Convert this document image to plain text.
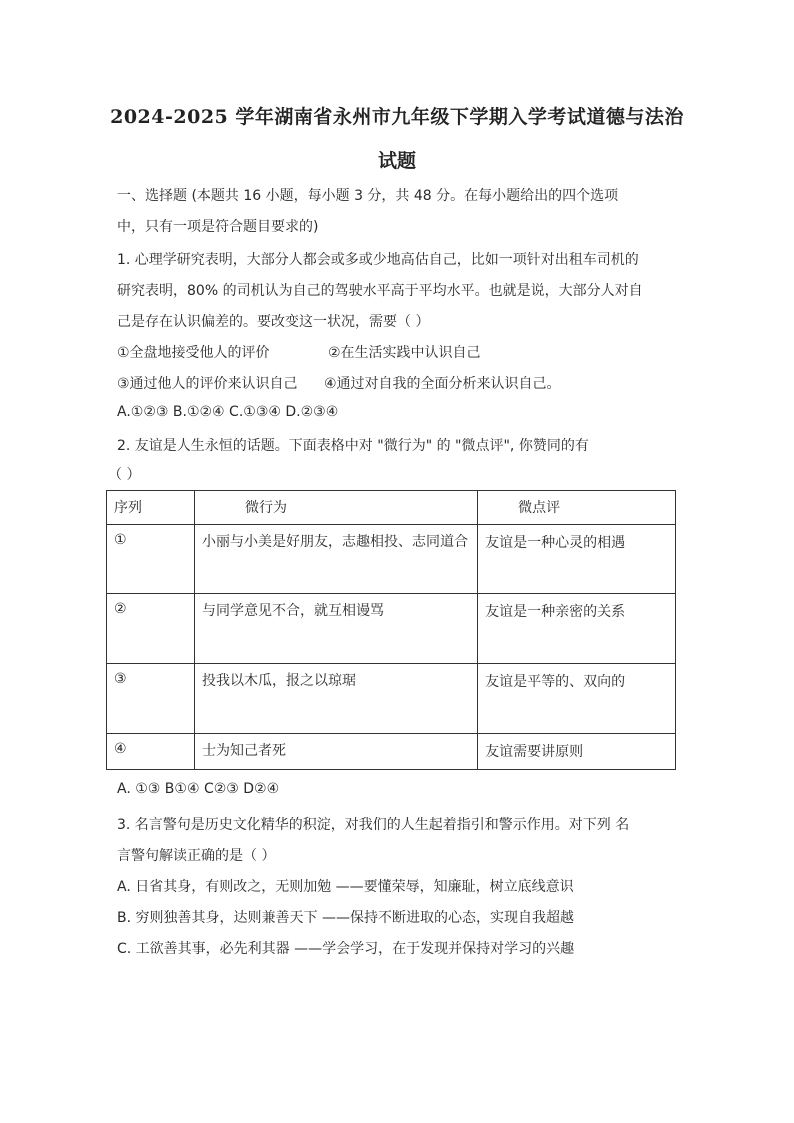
2024-2025 学年湖南省永州市九年级下学期入学考试道德与法治
试题
一、选择题 (本题共 16 小题，每小题 3 分，共 48 分。在每小题给出的四个选项
中，只有一项是符合题目要求的)
1. 心理学研究表明，大部分人都会或多或少地高估自己，比如一项针对出租车司机的
研究表明，80% 的司机认为自己的驾驶水平高于平均水平。也就是说，大部分人对自
己是存在认识偏差的。要改变这一状况，需要（ ）
①全盘地接受他人的评价	②在生活实践中认识自己
③通过他人的评价来认识自己 ④通过对自我的全面分析来认识自己。
A.①②③ B.①②④ C.①③④ D.②③④
2. 友谊是人生永恒的话题。下面表格中对 "微行为" 的 "微点评", 你赞同的有
（ ）
序列	微行为	微点评
①	小丽与小美是好朋友，志趣相投、志同道合	友谊是一种心灵的相遇
②	与同学意见不合，就互相谩骂	友谊是一种亲密的关系
③	投我以木瓜，报之以琼琚	友谊是平等的、双向的
④	士为知己者死	友谊需要讲原则
A. ①③ B①④ C②③ D②④
3. 名言警句是历史文化精华的积淀，对我们的人生起着指引和警示作用。对下列 名
言警句解读正确的是（ ）
A. 日省其身，有则改之，无则加勉 ——要懂荣辱，知廉耻，树立底线意识
B. 穷则独善其身，达则兼善天下 ——保持不断进取的心态，实现自我超越
C. 工欲善其事，必先利其器 ——学会学习，在于发现并保持对学习的兴趣
